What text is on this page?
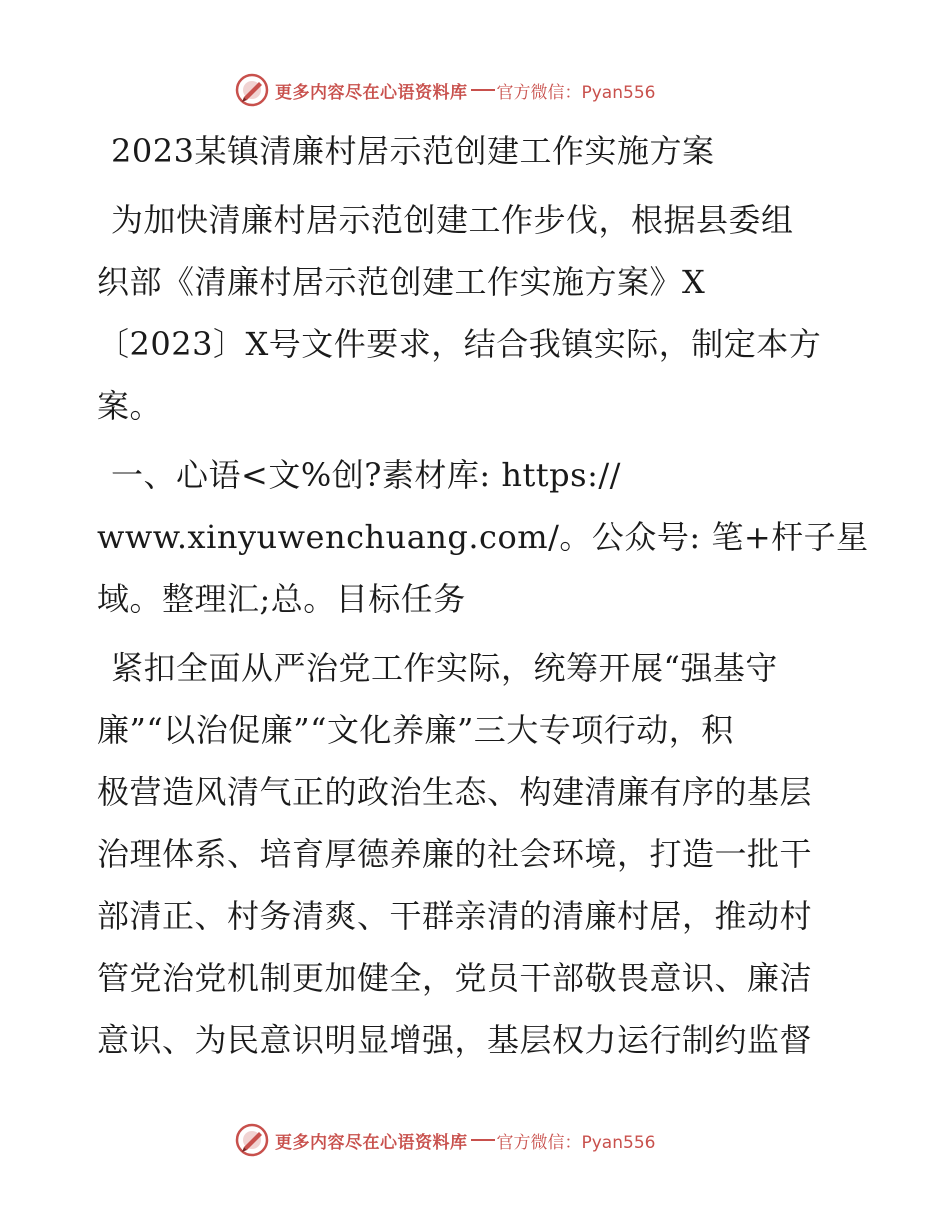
更多内容尽在心语资料库 官方微信：Pyan556

2023某镇清廉村居示范创建工作实施方案

为加快清廉村居示范创建工作步伐，根据县委组

织部《清廉村居示范创建工作实施方案》X

〔2023〕X号文件要求，结合我镇实际，制定本方

案。

一、心语<文%创?素材库: https://

www.xinyuwenchuang.com/。公众号: 笔+杆子星

域。整理汇;总。目标任务

紧扣全面从严治党工作实际，统筹开展“强基守

廉”“以治促廉”“文化养廉”三大专项行动，积

极营造风清气正的政治生态、构建清廉有序的基层

治理体系、培育厚德养廉的社会环境，打造一批干

部清正、村务清爽、干群亲清的清廉村居，推动村

管党治党机制更加健全，党员干部敬畏意识、廉洁

意识、为民意识明显增强，基层权力运行制约监督

更多内容尽在心语资料库 官方微信：Pyan556
